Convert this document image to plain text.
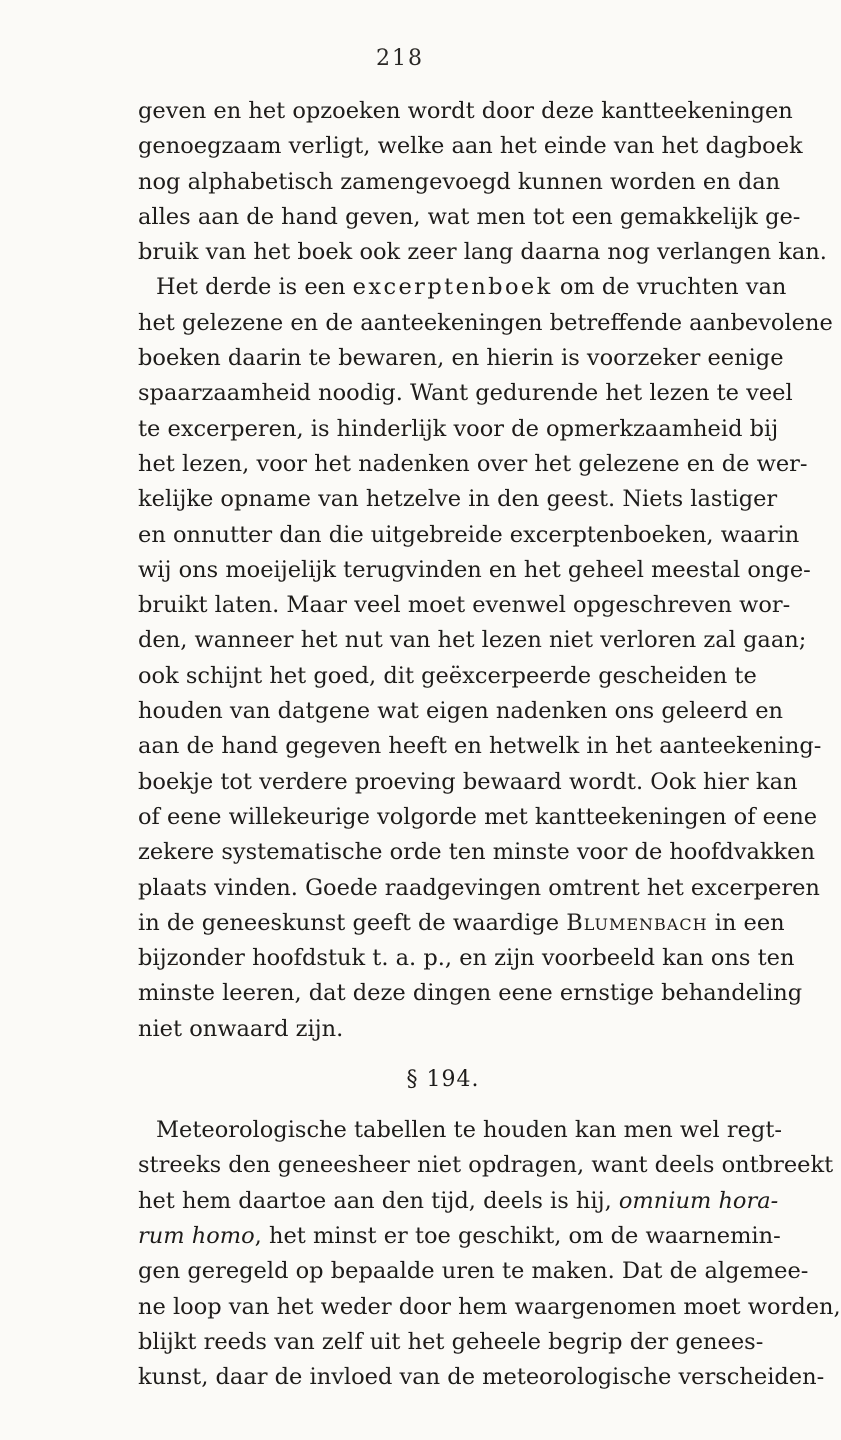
218
geven en het opzoeken wordt door deze kantteekeningen
genoegzaam verligt, welke aan het einde van het dagboek
nog alphabetisch zamengevoegd kunnen worden en dan
alles aan de hand geven, wat men tot een gemakkelijk ge-
bruik van het boek ook zeer lang daarna nog verlangen kan.
Het derde is een excerptenboek om de vruchten van
het gelezene en de aanteekeningen betreffende aanbevolene
boeken daarin te bewaren, en hierin is voorzeker eenige
spaarzaamheid noodig. Want gedurende het lezen te veel
te excerperen, is hinderlijk voor de opmerkzaamheid bij
het lezen, voor het nadenken over het gelezene en de wer-
kelijke opname van hetzelve in den geest. Niets lastiger
en onnutter dan die uitgebreide excerptenboeken, waarin
wij ons moeijelijk terugvinden en het geheel meestal onge-
bruikt laten. Maar veel moet evenwel opgeschreven wor-
den, wanneer het nut van het lezen niet verloren zal gaan;
ook schijnt het goed, dit geëxcerpeerde gescheiden te
houden van datgene wat eigen nadenken ons geleerd en
aan de hand gegeven heeft en hetwelk in het aanteekening-
boekje tot verdere proeving bewaard wordt. Ook hier kan
of eene willekeurige volgorde met kantteekeningen of eene
zekere systematische orde ten minste voor de hoofdvakken
plaats vinden. Goede raadgevingen omtrent het excerperen
in de geneeskunst geeft de waardige Blumenbach in een
bijzonder hoofdstuk t. a. p., en zijn voorbeeld kan ons ten
minste leeren, dat deze dingen eene ernstige behandeling
niet onwaard zijn.
§ 194.
Meteorologische tabellen te houden kan men wel regt-
streeks den geneesheer niet opdragen, want deels ontbreekt
het hem daartoe aan den tijd, deels is hij, omnium hora-
rum homo, het minst er toe geschikt, om de waarnemin-
gen geregeld op bepaalde uren te maken. Dat de algemee-
ne loop van het weder door hem waargenomen moet worden,
blijkt reeds van zelf uit het geheele begrip der genees-
kunst, daar de invloed van de meteorologische verscheiden-
